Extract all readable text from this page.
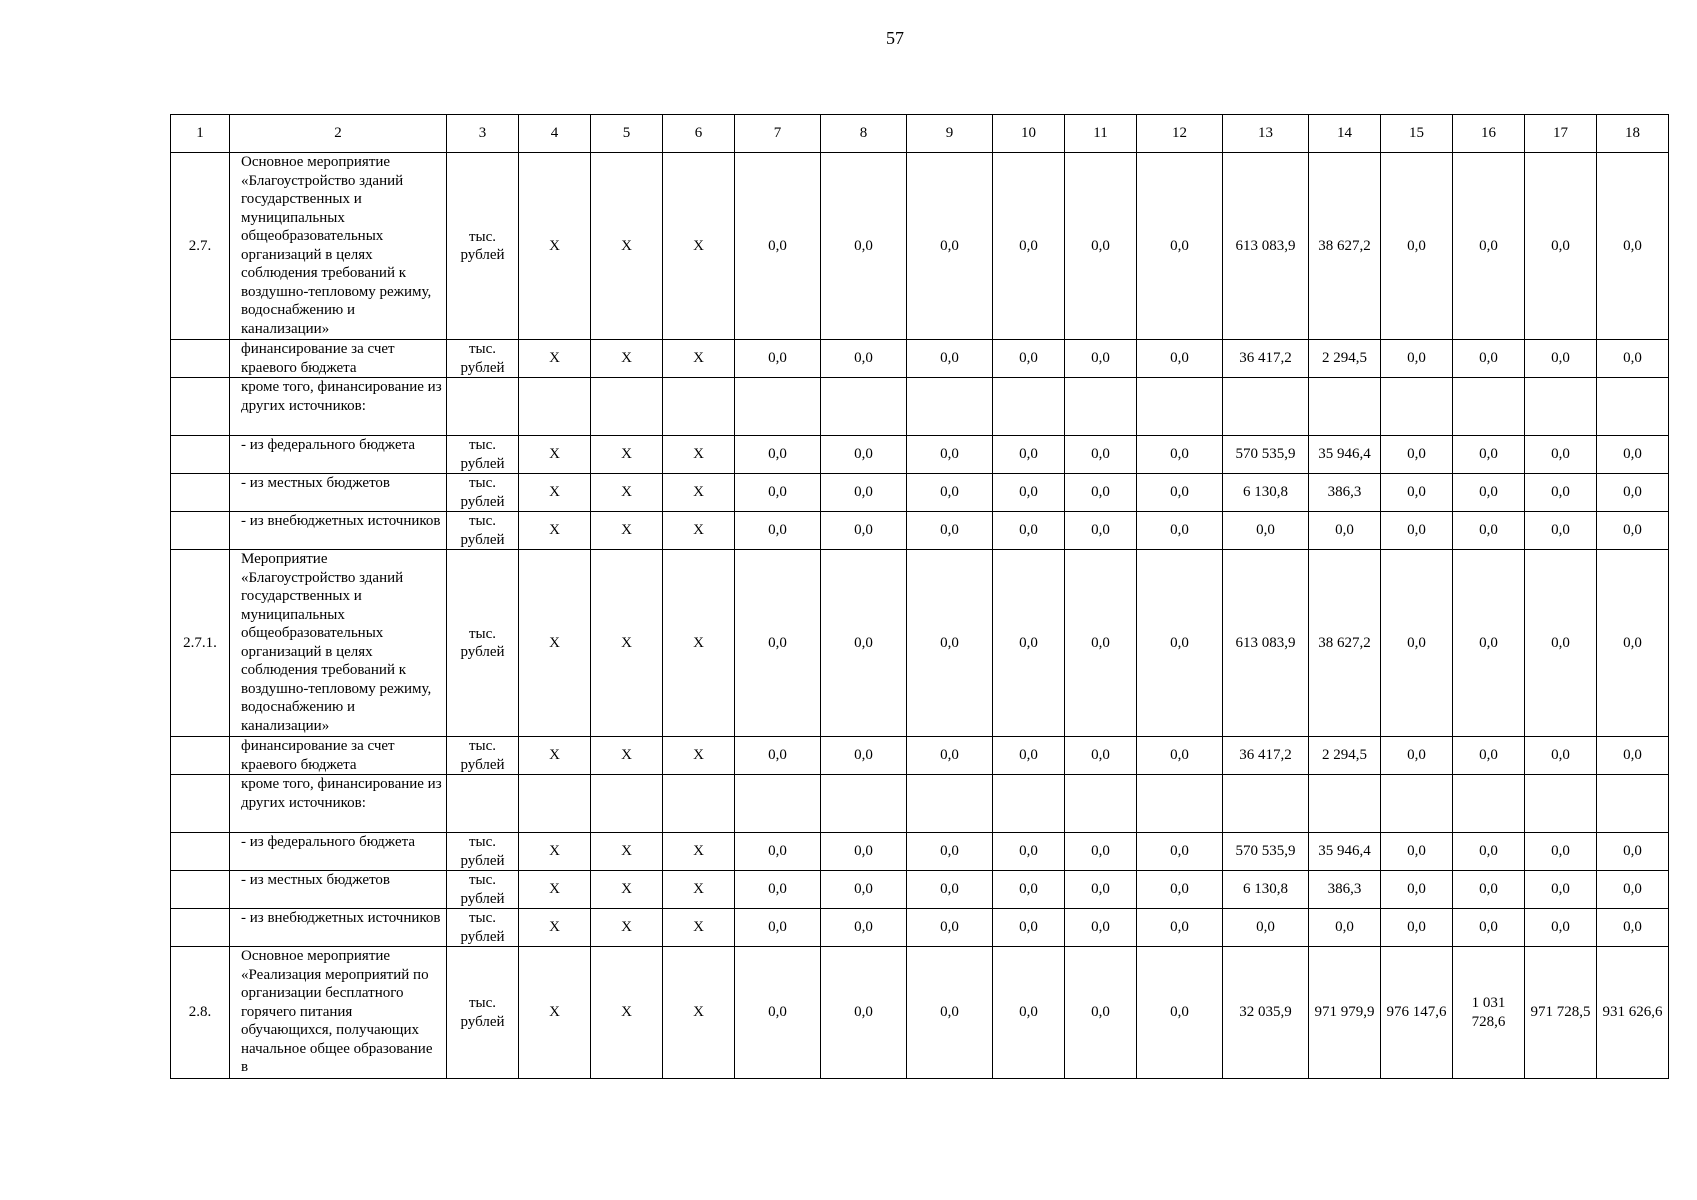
57
1	2	3	4	5	6	7	8	9	10	11	12	13	14	15	16	17	18
2.7.	Основное мероприятие «Благоустройство зданий государственных и муниципальных общеобразовательных организаций в целях соблюдения требований к воздушно-тепловому режиму, водоснабжению и канализации»	тыс. рублей	Х	Х	Х	0,0	0,0	0,0	0,0	0,0	0,0	613 083,9	38 627,2	0,0	0,0	0,0	0,0
	финансирование за счет краевого бюджета	тыс. рублей	Х	Х	Х	0,0	0,0	0,0	0,0	0,0	0,0	36 417,2	2 294,5	0,0	0,0	0,0	0,0
	кроме того, финансирование из других источников:																
	- из федерального бюджета	тыс. рублей	Х	Х	Х	0,0	0,0	0,0	0,0	0,0	0,0	570 535,9	35 946,4	0,0	0,0	0,0	0,0
	- из местных бюджетов	тыс. рублей	Х	Х	Х	0,0	0,0	0,0	0,0	0,0	0,0	6 130,8	386,3	0,0	0,0	0,0	0,0
	- из внебюджетных источников	тыс. рублей	Х	Х	Х	0,0	0,0	0,0	0,0	0,0	0,0	0,0	0,0	0,0	0,0	0,0	0,0
2.7.1.	Мероприятие «Благоустройство зданий государственных и муниципальных общеобразовательных организаций в целях соблюдения требований к воздушно-тепловому режиму, водоснабжению и канализации»	тыс. рублей	Х	Х	Х	0,0	0,0	0,0	0,0	0,0	0,0	613 083,9	38 627,2	0,0	0,0	0,0	0,0
	финансирование за счет краевого бюджета	тыс. рублей	Х	Х	Х	0,0	0,0	0,0	0,0	0,0	0,0	36 417,2	2 294,5	0,0	0,0	0,0	0,0
	кроме того, финансирование из других источников:																
	- из федерального бюджета	тыс. рублей	Х	Х	Х	0,0	0,0	0,0	0,0	0,0	0,0	570 535,9	35 946,4	0,0	0,0	0,0	0,0
	- из местных бюджетов	тыс. рублей	Х	Х	Х	0,0	0,0	0,0	0,0	0,0	0,0	6 130,8	386,3	0,0	0,0	0,0	0,0
	- из внебюджетных источников	тыс. рублей	Х	Х	Х	0,0	0,0	0,0	0,0	0,0	0,0	0,0	0,0	0,0	0,0	0,0	0,0
2.8.	Основное мероприятие «Реализация мероприятий по организации бесплатного горячего питания обучающихся, получающих начальное общее образование в	тыс. рублей	Х	Х	Х	0,0	0,0	0,0	0,0	0,0	0,0	32 035,9	971 979,9	976 147,6	1 031 728,6	971 728,5	931 626,6
